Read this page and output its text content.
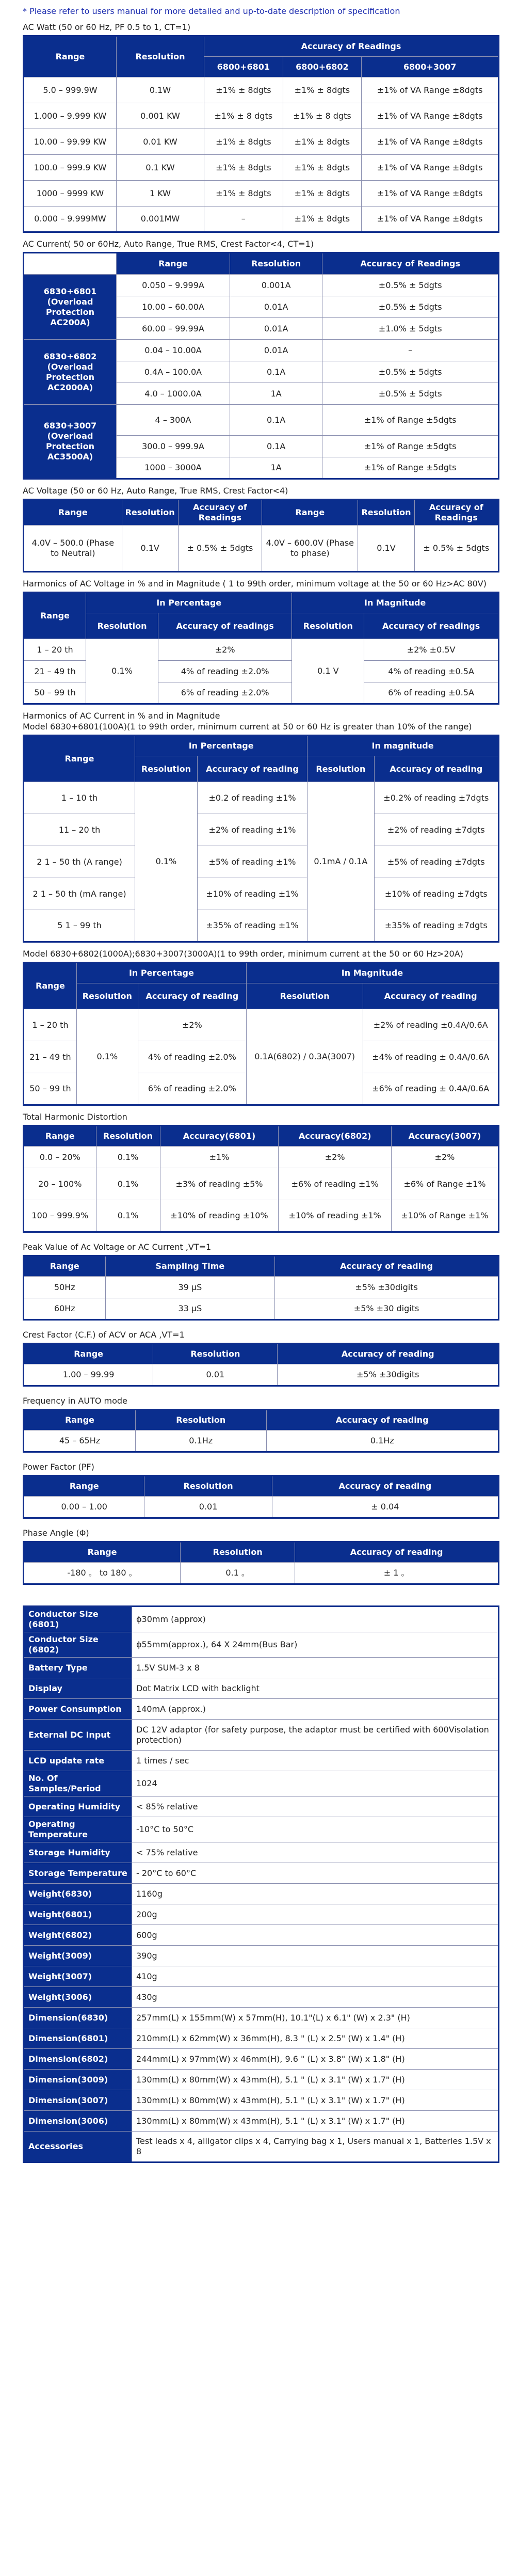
* Please refer to users manual for more detailed and up-to-date description of specification
AC Watt (50 or 60 Hz, PF 0.5 to 1, CT=1)
Range	Resolution	Accuracy of Readings		
		6800+6801	6800+6802	6800+3007
5.0 – 999.9W	0.1W	±1% ± 8dgts	±1% ± 8dgts	±1% of VA Range ±8dgts
1.000 – 9.999 KW	0.001 KW	±1% ± 8 dgts	±1% ± 8 dgts	±1% of VA Range ±8dgts
10.00 – 99.99 KW	0.01 KW	±1% ± 8dgts	±1% ± 8dgts	±1% of VA Range ±8dgts
100.0 – 999.9 KW	0.1 KW	±1% ± 8dgts	±1% ± 8dgts	±1% of VA Range ±8dgts
1000 – 9999 KW	1 KW	±1% ± 8dgts	±1% ± 8dgts	±1% of VA Range ±8dgts
0.000 – 9.999MW	0.001MW	–	±1% ± 8dgts	±1% of VA Range ±8dgts
AC Current( 50 or 60Hz, Auto Range, True RMS, Crest Factor<4, CT=1)
	Range	Resolution	Accuracy of Readings
6830+6801 (Overload Protection AC200A)	0.050 – 9.999A	0.001A	±0.5% ± 5dgts
	10.00 – 60.00A	0.01A	±0.5% ± 5dgts
	60.00 – 99.99A	0.01A	±1.0% ± 5dgts
6830+6802 (Overload Protection AC2000A)	0.04 – 10.00A	0.01A	–
	0.4A – 100.0A	0.1A	±0.5% ± 5dgts
	4.0 – 1000.0A	1A	±0.5% ± 5dgts
6830+3007 (Overload Protection AC3500A)	4 – 300A	0.1A	±1% of Range ±5dgts
	300.0 – 999.9A	0.1A	±1% of Range ±5dgts
	1000 – 3000A	1A	±1% of Range ±5dgts
AC Voltage (50 or 60 Hz, Auto Range, True RMS, Crest Factor<4)
Range	Resolution	Accuracy of Readings	Range	Resolution	Accuracy of Readings
4.0V – 500.0 (Phase to Neutral)	0.1V	± 0.5% ± 5dgts	4.0V – 600.0V (Phase to phase)	0.1V	± 0.5% ± 5dgts
Harmonics of AC Voltage in % and in Magnitude ( 1 to 99th order, minimum voltage at the 50 or 60 Hz>AC 80V)
Range	In Percentage		In Magnitude	
	Resolution	Accuracy of readings	Resolution	Accuracy of readings
1 – 20 th	0.1%	±2%	0.1 V	±2% ±0.5V
21 – 49 th		4% of reading ±2.0%		4% of reading ±0.5A
50 – 99 th		6% of reading ±2.0%		6% of reading ±0.5A
Harmonics of AC Current in % and in Magnitude
Model 6830+6801(100A)(1 to 99th order, minimum current at 50 or 60 Hz is greater than 10% of the range)
Range	In Percentage		In magnitude	
	Resolution	Accuracy of reading	Resolution	Accuracy of reading
1 – 10 th	0.1%	±0.2 of reading ±1%	0.1mA / 0.1A	±0.2% of reading ±7dgts
11 – 20 th		±2% of reading ±1%		±2% of reading ±7dgts
2 1 – 50 th (A range)		±5% of reading ±1%		±5% of reading ±7dgts
2 1 – 50 th (mA range)		±10% of reading ±1%		±10% of reading ±7dgts
5 1 – 99 th		±35% of reading ±1%		±35% of reading ±7dgts
Model 6830+6802(1000A);6830+3007(3000A)(1 to 99th order, minimum current at the 50 or 60 Hz>20A)
Range	In Percentage		In Magnitude	
	Resolution	Accuracy of reading	Resolution	Accuracy of reading
1 – 20 th	0.1%	±2%	0.1A(6802) / 0.3A(3007)	±2% of reading ±0.4A/0.6A
21 – 49 th		4% of reading ±2.0%		±4% of reading ± 0.4A/0.6A
50 – 99 th		6% of reading ±2.0%		±6% of reading ± 0.4A/0.6A
Total Harmonic Distortion
Range	Resolution	Accuracy(6801)	Accuracy(6802)	Accuracy(3007)
0.0 – 20%	0.1%	±1%	±2%	±2%
20 – 100%	0.1%	±3% of reading ±5%	±6% of reading ±1%	±6% of Range ±1%
100 – 999.9%	0.1%	±10% of reading ±10%	±10% of reading ±1%	±10% of Range ±1%
Peak Value of Ac Voltage or AC Current ,VT=1
Range	Sampling Time	Accuracy of reading
50Hz	39 μS	±5% ±30digits
60Hz	33 μS	±5% ±30 digits
Crest Factor (C.F.) of ACV or ACA ,VT=1
Range	Resolution	Accuracy of reading
1.00 – 99.99	0.01	±5% ±30digits
Frequency in AUTO mode
Range	Resolution	Accuracy of reading
45 – 65Hz	0.1Hz	0.1Hz
Power Factor (PF)
Range	Resolution	Accuracy of reading
0.00 – 1.00	0.01	± 0.04
Phase Angle (Φ)
Range	Resolution	Accuracy of reading
-180 。 to 180 。	0.1 。	± 1 。
Conductor Size (6801)	ϕ30mm (approx)
Conductor Size (6802)	ϕ55mm(approx.), 64 X 24mm(Bus Bar)
Battery Type	1.5V SUM-3 x 8
Display	Dot Matrix LCD with backlight
Power Consumption	140mA (approx.)
External DC Input	DC 12V adaptor (for safety purpose, the adaptor must be certified with 600Visolation protection)
LCD update rate	1 times / sec
No. Of Samples/Period	1024
Operating Humidity	< 85% relative
Operating Temperature	-10°C to 50°C
Storage Humidity	< 75% relative
Storage Temperature	- 20°C to 60°C
Weight(6830)	1160g
Weight(6801)	200g
Weight(6802)	600g
Weight(3009)	390g
Weight(3007)	410g
Weight(3006)	430g
Dimension(6830)	257mm(L) x 155mm(W) x 57mm(H), 10.1"(L) x 6.1" (W) x 2.3" (H)
Dimension(6801)	210mm(L) x 62mm(W) x 36mm(H), 8.3 " (L) x 2.5" (W) x 1.4" (H)
Dimension(6802)	244mm(L) x 97mm(W) x 46mm(H), 9.6 " (L) x 3.8" (W) x 1.8" (H)
Dimension(3009)	130mm(L) x 80mm(W) x 43mm(H), 5.1 " (L) x 3.1" (W) x 1.7" (H)
Dimension(3007)	130mm(L) x 80mm(W) x 43mm(H), 5.1 " (L) x 3.1" (W) x 1.7" (H)
Dimension(3006)	130mm(L) x 80mm(W) x 43mm(H), 5.1 " (L) x 3.1" (W) x 1.7" (H)
Accessories	Test leads x 4, alligator clips x 4, Carrying bag x 1, Users manual x 1, Batteries 1.5V x 8
